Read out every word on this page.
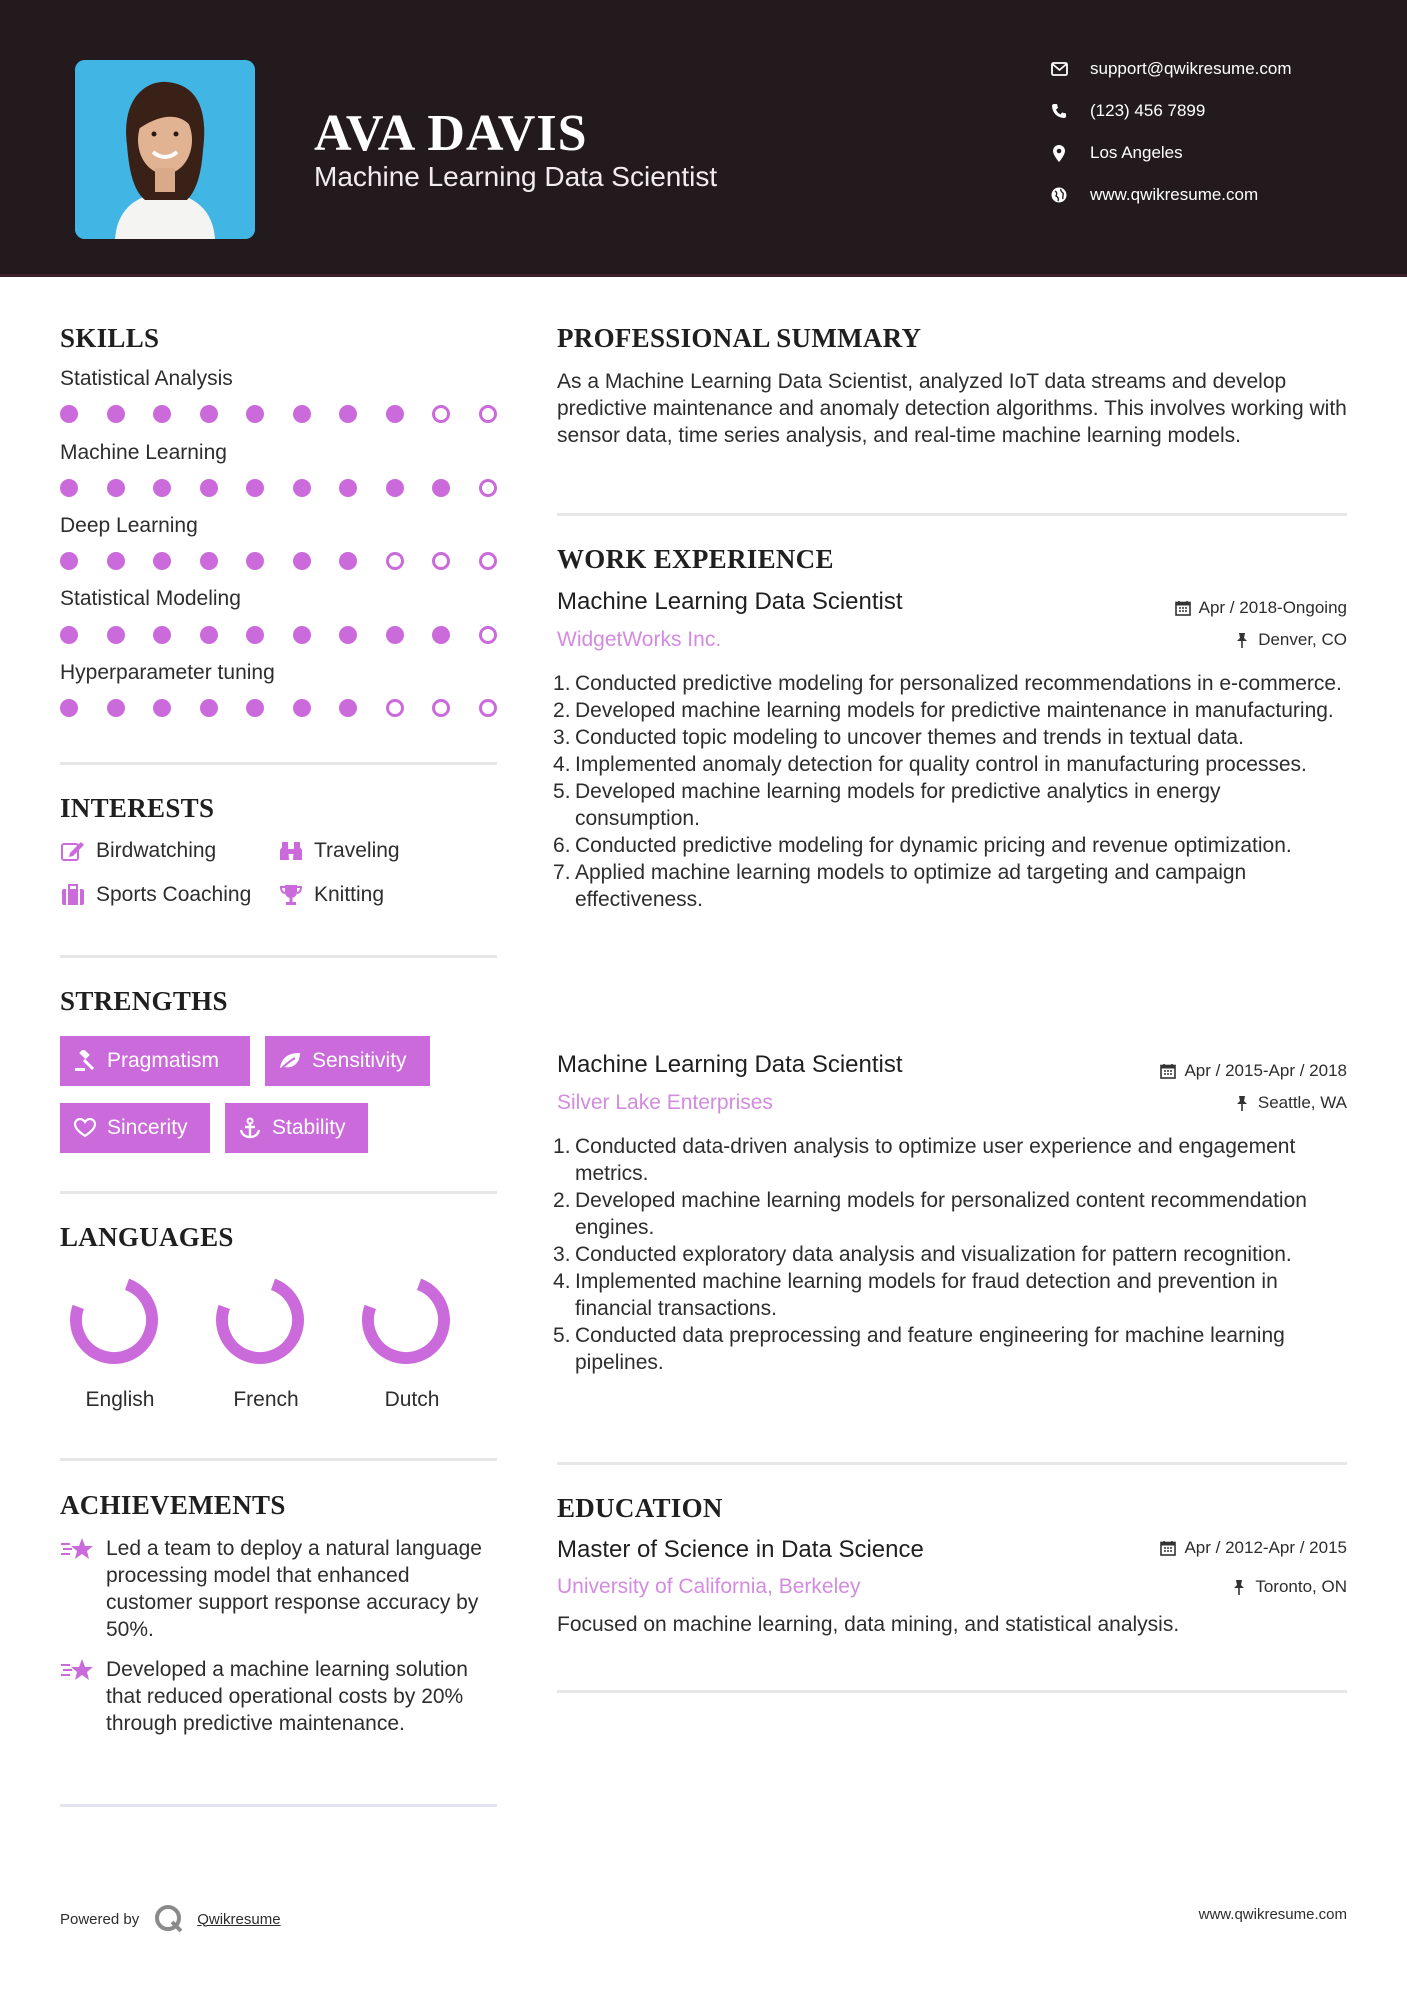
AVA DAVIS
Machine Learning Data Scientist
support@qwikresume.com
(123) 456 7899
Los Angeles
www.qwikresume.com
SKILLS
Statistical Analysis
Machine Learning
Deep Learning
Statistical Modeling
Hyperparameter tuning
INTERESTS
Birdwatching	Traveling
Sports Coaching	Knitting
STRENGTHS
Pragmatism	Sensitivity
Sincerity	Stability
LANGUAGES
English	French	Dutch
ACHIEVEMENTS

Led a team to deploy a natural language processing model that enhanced customer support response accuracy by 50%.

Developed a machine learning solution that reduced operational costs by 20% through predictive maintenance.

PROFESSIONAL SUMMARY
As a Machine Learning Data Scientist, analyzed IoT data streams and develop predictive maintenance and anomaly detection algorithms. This involves working with sensor data, time series analysis, and real-time machine learning models.
WORK EXPERIENCE
Machine Learning Data Scientist
WidgetWorks Inc.
Apr / 2018-Ongoing
Denver, CO
Conducted predictive modeling for personalized recommendations in e-commerce.
Developed machine learning models for predictive maintenance in manufacturing.
Conducted topic modeling to uncover themes and trends in textual data.
Implemented anomaly detection for quality control in manufacturing processes.
Developed machine learning models for predictive analytics in energy consumption.
Conducted predictive modeling for dynamic pricing and revenue optimization.
Applied machine learning models to optimize ad targeting and campaign effectiveness.
Machine Learning Data Scientist
Silver Lake Enterprises
Apr / 2015-Apr / 2018
Seattle, WA
Conducted data-driven analysis to optimize user experience and engagement metrics.
Developed machine learning models for personalized content recommendation engines.
Conducted exploratory data analysis and visualization for pattern recognition.
Implemented machine learning models for fraud detection and prevention in financial transactions.
Conducted data preprocessing and feature engineering for machine learning pipelines.
EDUCATION
Master of Science in Data Science
University of California, Berkeley
Apr / 2012-Apr / 2015
Toronto, ON
Focused on machine learning, data mining, and statistical analysis.
Powered by	Qwikresume	www.qwikresume.com
